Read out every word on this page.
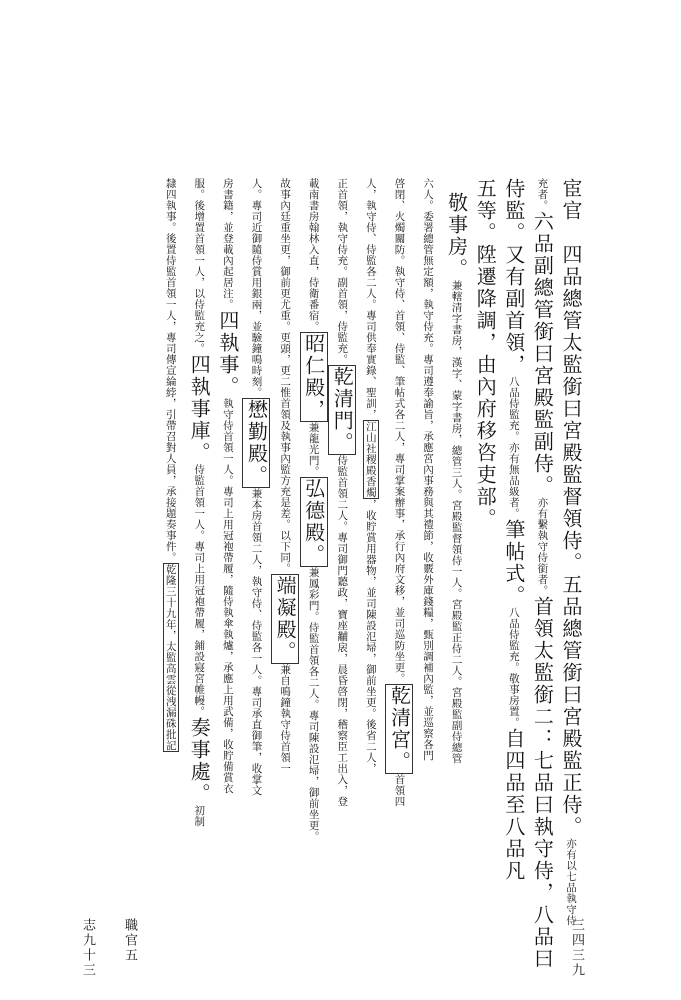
宦官　四品總管太監銜曰宮殿監督領侍。五品總管銜曰宮殿監正侍。亦有以七品執守侍
充者。六品副總管銜曰宮殿監副侍。亦有繫執守侍銜者。首領太監銜二：七品曰執守侍，八品曰
侍監。又有副首領，八品侍監充。亦有無品級者。筆帖式。八品侍監充。敬事房置。自四品至八品凡
五等。陞遷降調，由內府移咨吏部。
敬事房。兼轄清字書房，漢字、蒙字書房，總管三人。宮殿監督領侍一人。宮殿監正侍二人。宮殿監副侍總管
六人。委署總管無定額，執守侍充。專司遵奉諭旨，承應宮內事務與其禮節，收覈外庫錢糧，甄別調補內監，並巡察各門
啓閉、火燭關防。執守侍、首領、侍監、筆帖式各二人，專司掌案辦事，承行內府文移，並司巡防坐更。乾清宮。首領四
人，執守侍、侍監各二人。專司供奉實錄、聖訓，江山社稷殿香燭，收貯賞用器物，並司陳設氾埽，御前坐更。後省二人，
正首領，執守侍充。副首領，侍監充。乾清門。侍監首領二人。專司御門聽政，寶座黼扆，晨昏啓閉，稽察臣工出入，登
載南書房翰林入直，侍衛番宿。昭仁殿，兼龍光門。弘德殿。兼鳳彩門。侍監首領各二人。專司陳設氾埽，御前坐更。
故事內廷重坐更，御前更尤重。更頭，更二惟首領及執事內監方充是差。以下同。端凝殿。兼自鳴鐘執守侍首領一
人。專司近御隨侍賞用銀兩，並驗鐘鳴時刻。懋勤殿。兼本房首領二人，執守侍、侍監各一人。專司承直御筆，收掌文
房書籍，並登載內起居注。四執事。執守侍首領一人。專司上用冠袍帶履，隨侍執傘執爐，承應上用武備，收貯備賞衣
服。後增置首領一人，以侍監充之。四執事庫。侍監首領一人。專司上用冠袍帶履，鋪設寢宮帷幔。奏事處。初制
隸四執事。後置侍監首領一人，專司傳宣綸綍，引帶召對人員，承接題奏事件。乾隆三十九年，太監高雲從洩漏硃批記
三四三九
職官五
志九十三
